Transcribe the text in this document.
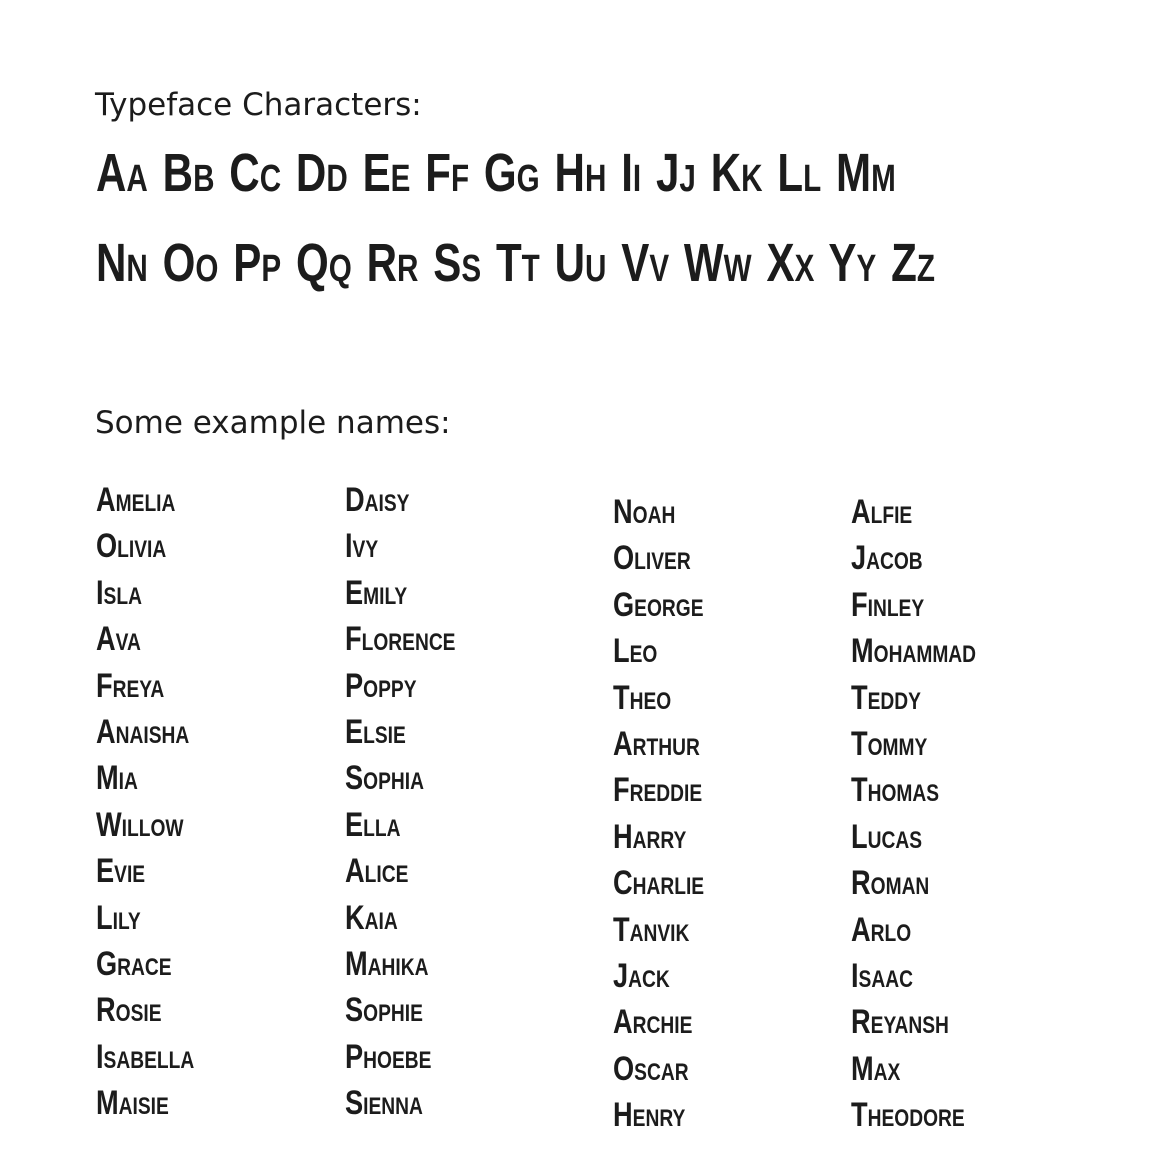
Typeface Characters:

Aa Bb Cc Dd Ee Ff Gg Hh Ii Jj Kk Ll Mm

Nn Oo Pp Qq Rr Ss Tt Uu Vv Ww Xx Yy Zz

Some example names:
Amelia
Olivia
Isla
Ava
Freya
Anaisha
Mia
Willow
Evie
Lily
Grace
Rosie
Isabella
Maisie
Daisy
Ivy
Emily
Florence
Poppy
Elsie
Sophia
Ella
Alice
Kaia
Mahika
Sophie
Phoebe
Sienna
Noah
Oliver
George
Leo
Theo
Arthur
Freddie
Harry
Charlie
Tanvik
Jack
Archie
Oscar
Henry
Alfie
Jacob
Finley
Mohammad
Teddy
Tommy
Thomas
Lucas
Roman
Arlo
Isaac
Reyansh
Max
Theodore
